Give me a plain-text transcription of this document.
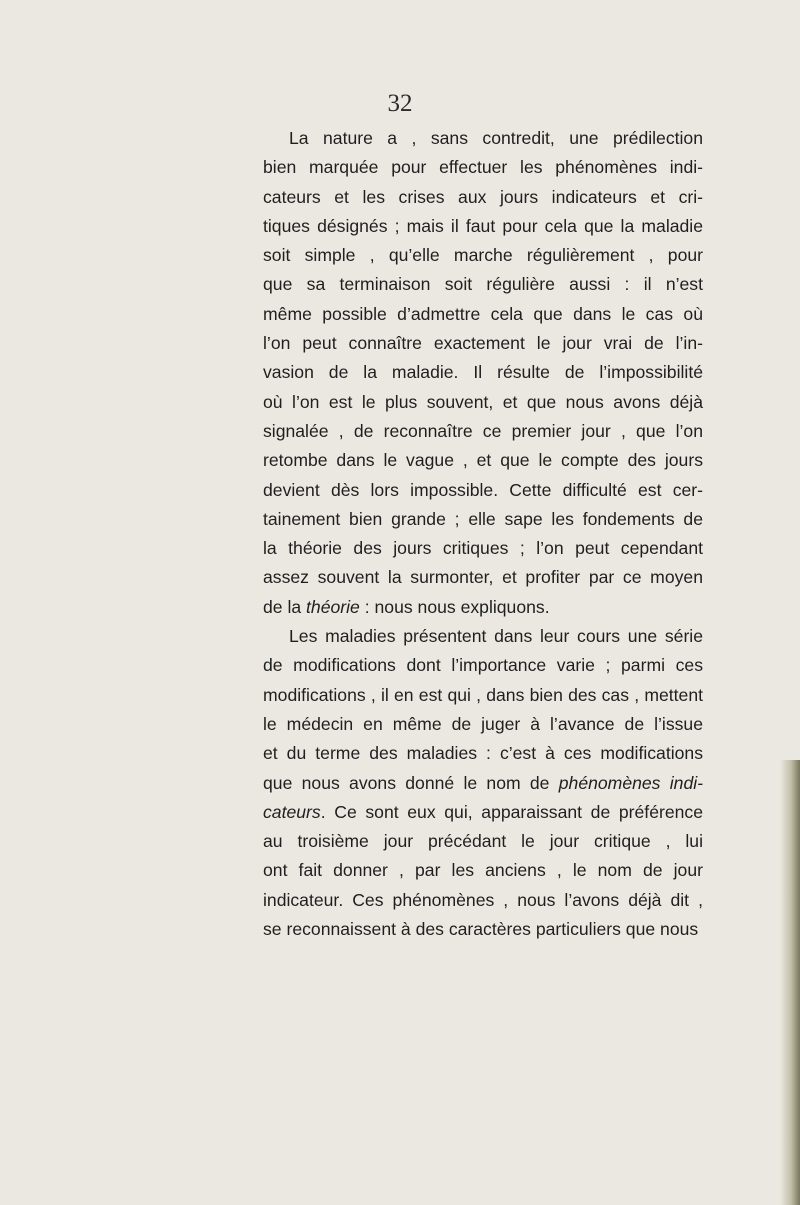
32

La nature a , sans contredit, une prédilection
bien marquée pour effectuer les phénomènes indi-
cateurs et les crises aux jours indicateurs et cri-
tiques désignés ; mais il faut pour cela que la maladie
soit simple , qu’elle marche régulièrement , pour
que sa terminaison soit régulière aussi : il n’est
même possible d’admettre cela que dans le cas où
l’on peut connaître exactement le jour vrai de l’in-
vasion de la maladie. Il résulte de l’impossibilité
où l’on est le plus souvent, et que nous avons déjà
signalée , de reconnaître ce premier jour , que l’on
retombe dans le vague , et que le compte des jours
devient dès lors impossible. Cette difficulté est cer-
tainement bien grande ; elle sape les fondements de
la théorie des jours critiques ; l’on peut cependant
assez souvent la surmonter, et profiter par ce moyen
de la théorie : nous nous expliquons.
Les maladies présentent dans leur cours une série
de modifications dont l’importance varie ; parmi ces
modifications , il en est qui , dans bien des cas , mettent
le médecin en même de juger à l’avance de l’issue
et du terme des maladies : c’est à ces modifications
que nous avons donné le nom de phénomènes indi-
cateurs. Ce sont eux qui, apparaissant de préférence
au troisième jour précédant le jour critique , lui
ont fait donner , par les anciens , le nom de jour
indicateur. Ces phénomènes , nous l’avons déjà dit ,
se reconnaissent à des caractères particuliers que nous
